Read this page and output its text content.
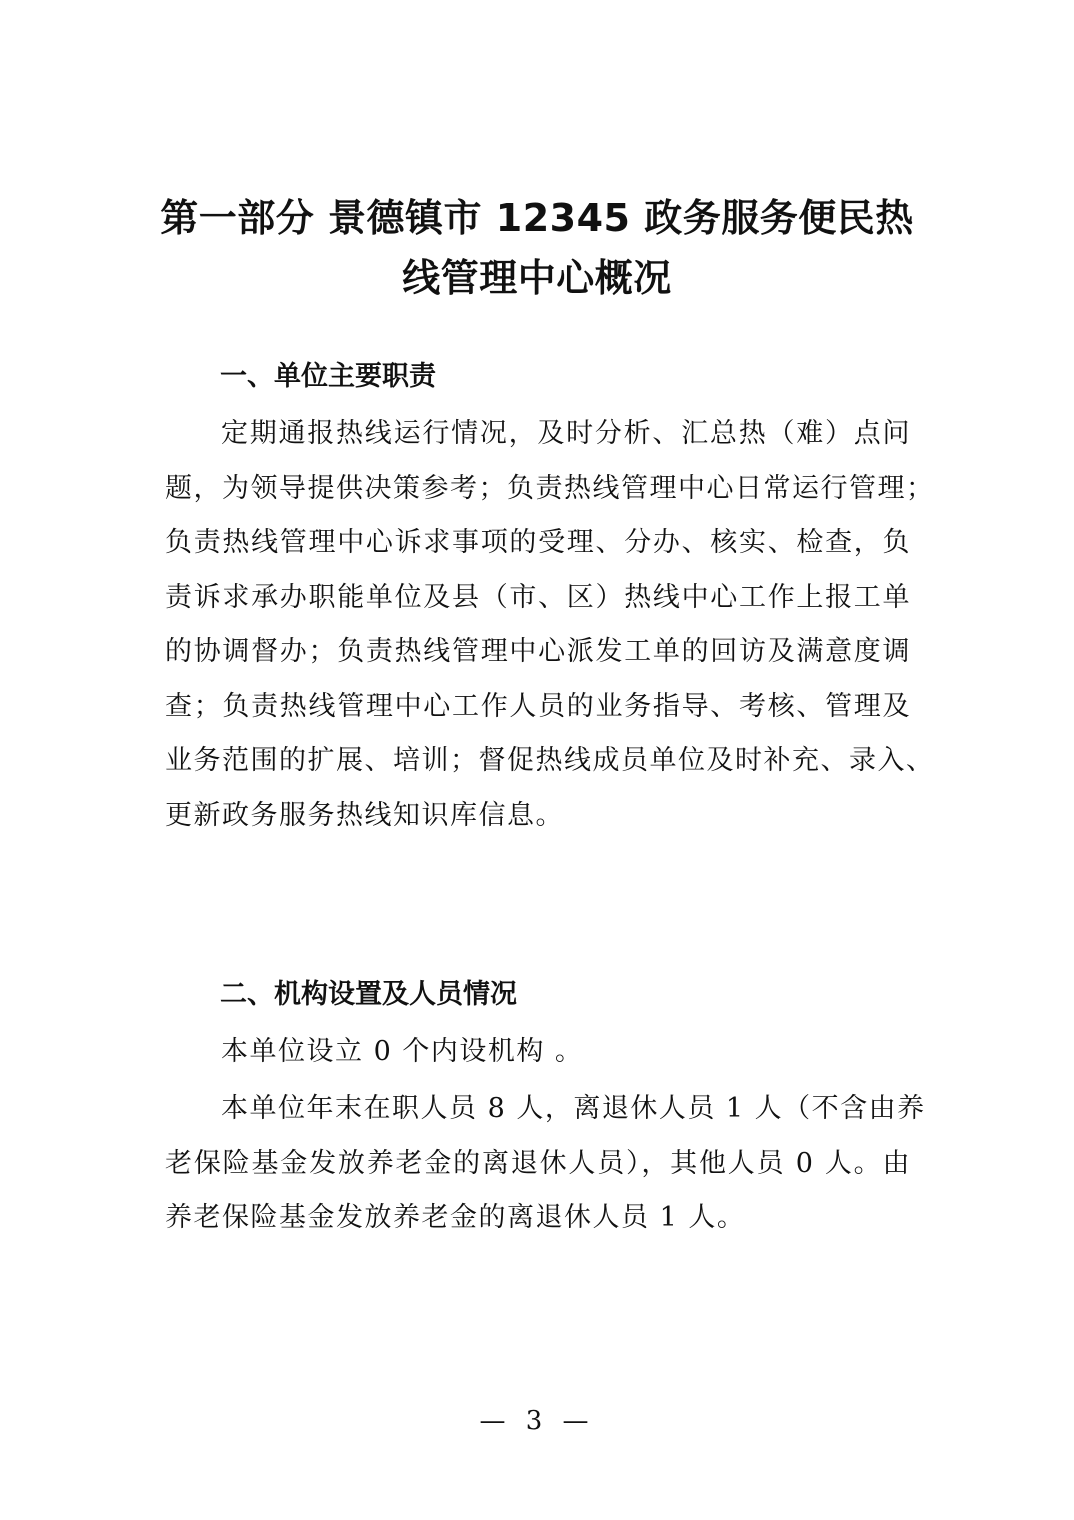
第一部分 景德镇市 12345 政务服务便民热
线管理中心概况
一、单位主要职责
定期通报热线运行情况，及时分析、汇总热（难）点问
题，为领导提供决策参考；负责热线管理中心日常运行管理；
负责热线管理中心诉求事项的受理、分办、核实、检查，负
责诉求承办职能单位及县（市、区）热线中心工作上报工单
的协调督办；负责热线管理中心派发工单的回访及满意度调
查；负责热线管理中心工作人员的业务指导、考核、管理及
业务范围的扩展、培训；督促热线成员单位及时补充、录入、
更新政务服务热线知识库信息。
二、机构设置及人员情况
本单位设立 0 个内设机构 。
本单位年末在职人员 8 人，离退休人员 1 人（不含由养
老保险基金发放养老金的离退休人员），其他人员 0 人。由
养老保险基金发放养老金的离退休人员 1 人。
— 3 —
